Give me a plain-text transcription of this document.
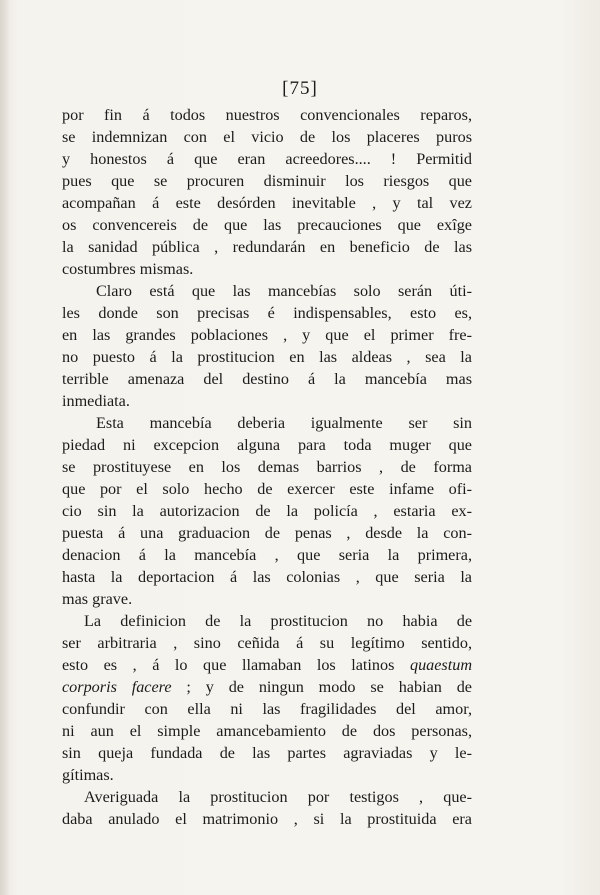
[75]
por fin á todos nuestros convencionales reparos,
se indemnizan con el vicio de los placeres puros
y honestos á que eran acreedores.... ! Permitid
pues que se procuren disminuir los riesgos que
acompañan á este desórden inevitable , y tal vez
os convencereis de que las precauciones que exîge
la sanidad pública , redundarán en beneficio de las
costumbres mismas.
Claro está que las mancebías solo serán úti-
les donde son precisas é indispensables, esto es,
en las grandes poblaciones , y que el primer fre-
no puesto á la prostitucion en las aldeas , sea la
terrible amenaza del destino á la mancebía mas
inmediata.
Esta mancebía deberia igualmente ser sin
piedad ni excepcion alguna para toda muger que
se prostituyese en los demas barrios , de forma
que por el solo hecho de exercer este infame ofi-
cio sin la autorizacion de la policía , estaria ex-
puesta á una graduacion de penas , desde la con-
denacion á la mancebía , que seria la primera,
hasta la deportacion á las colonias , que seria la
mas grave.
La definicion de la prostitucion no habia de
ser arbitraria , sino ceñida á su legítimo sentido,
esto es , á lo que llamaban los latinos quaestum
corporis facere ; y de ningun modo se habian de
confundir con ella ni las fragilidades del amor,
ni aun el simple amancebamiento de dos personas,
sin queja fundada de las partes agraviadas y le-
gítimas.
Averiguada la prostitucion por testigos , que-
daba anulado el matrimonio , si la prostituida era
